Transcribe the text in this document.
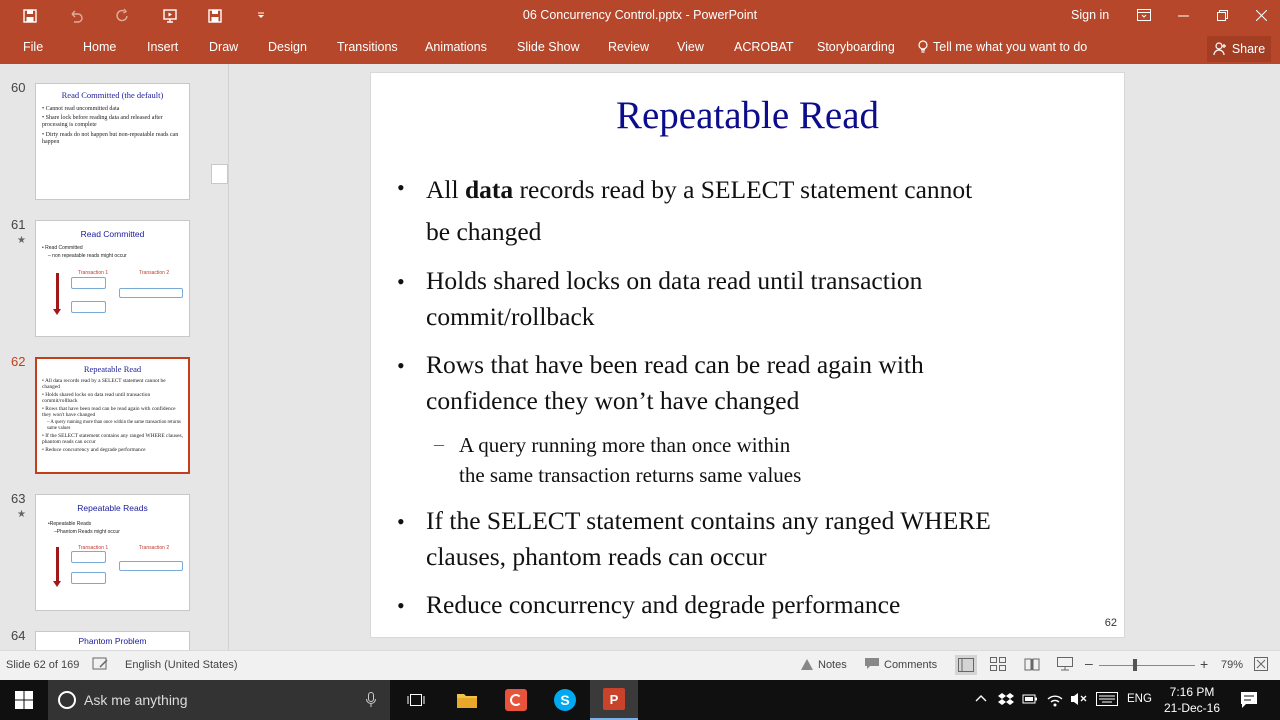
06 Concurrency Control.pptx - PowerPoint	Sign in
File	Home Insert Draw Design Transitions Animations Slide Show Review View ACROBAT Storyboarding	Tell me what you want to do	Share
60	Read Committed (the default)
• Cannot read uncommitted data
• Share lock before reading data and released after processing is complete
• Dirty reads do not happen but non-repeatable reads can happen
61
★
Read Committed
• Read Committed
– non repeatable reads might occur
Transaction 1	Transaction 2
62	Repeatable Read
• All data records read by a SELECT statement cannot be changed
• Holds shared locks on data read until transaction commit/rollback
• Rows that have been read can be read again with confidence they won't have changed
– A query running more than once within the same transaction returns same values
• If the SELECT statement contains any ranged WHERE clauses, phantom reads can occur
• Reduce concurrency and degrade performance
63
★
Repeatable Reads
•Repeatable Reads
–Phantom Reads might occur
Transaction 1	Transaction 2
64	Phantom Problem
Repeatable Read
• All data records read by a SELECT statement cannot
be changed
• Holds shared locks on data read until transaction
commit/rollback
• Rows that have been read can be read again with
confidence they won’t have changed
– A query running more than once within
the same transaction returns same values
• If the SELECT statement contains any ranged WHERE
clauses, phantom reads can occur
• Reduce concurrency and degrade performance
62
Slide 62 of 169	English (United States)	Notes	Comments	–	+ 79%
Ask me anything	S	P	ENG	7:16 PM
21-Dec-16
